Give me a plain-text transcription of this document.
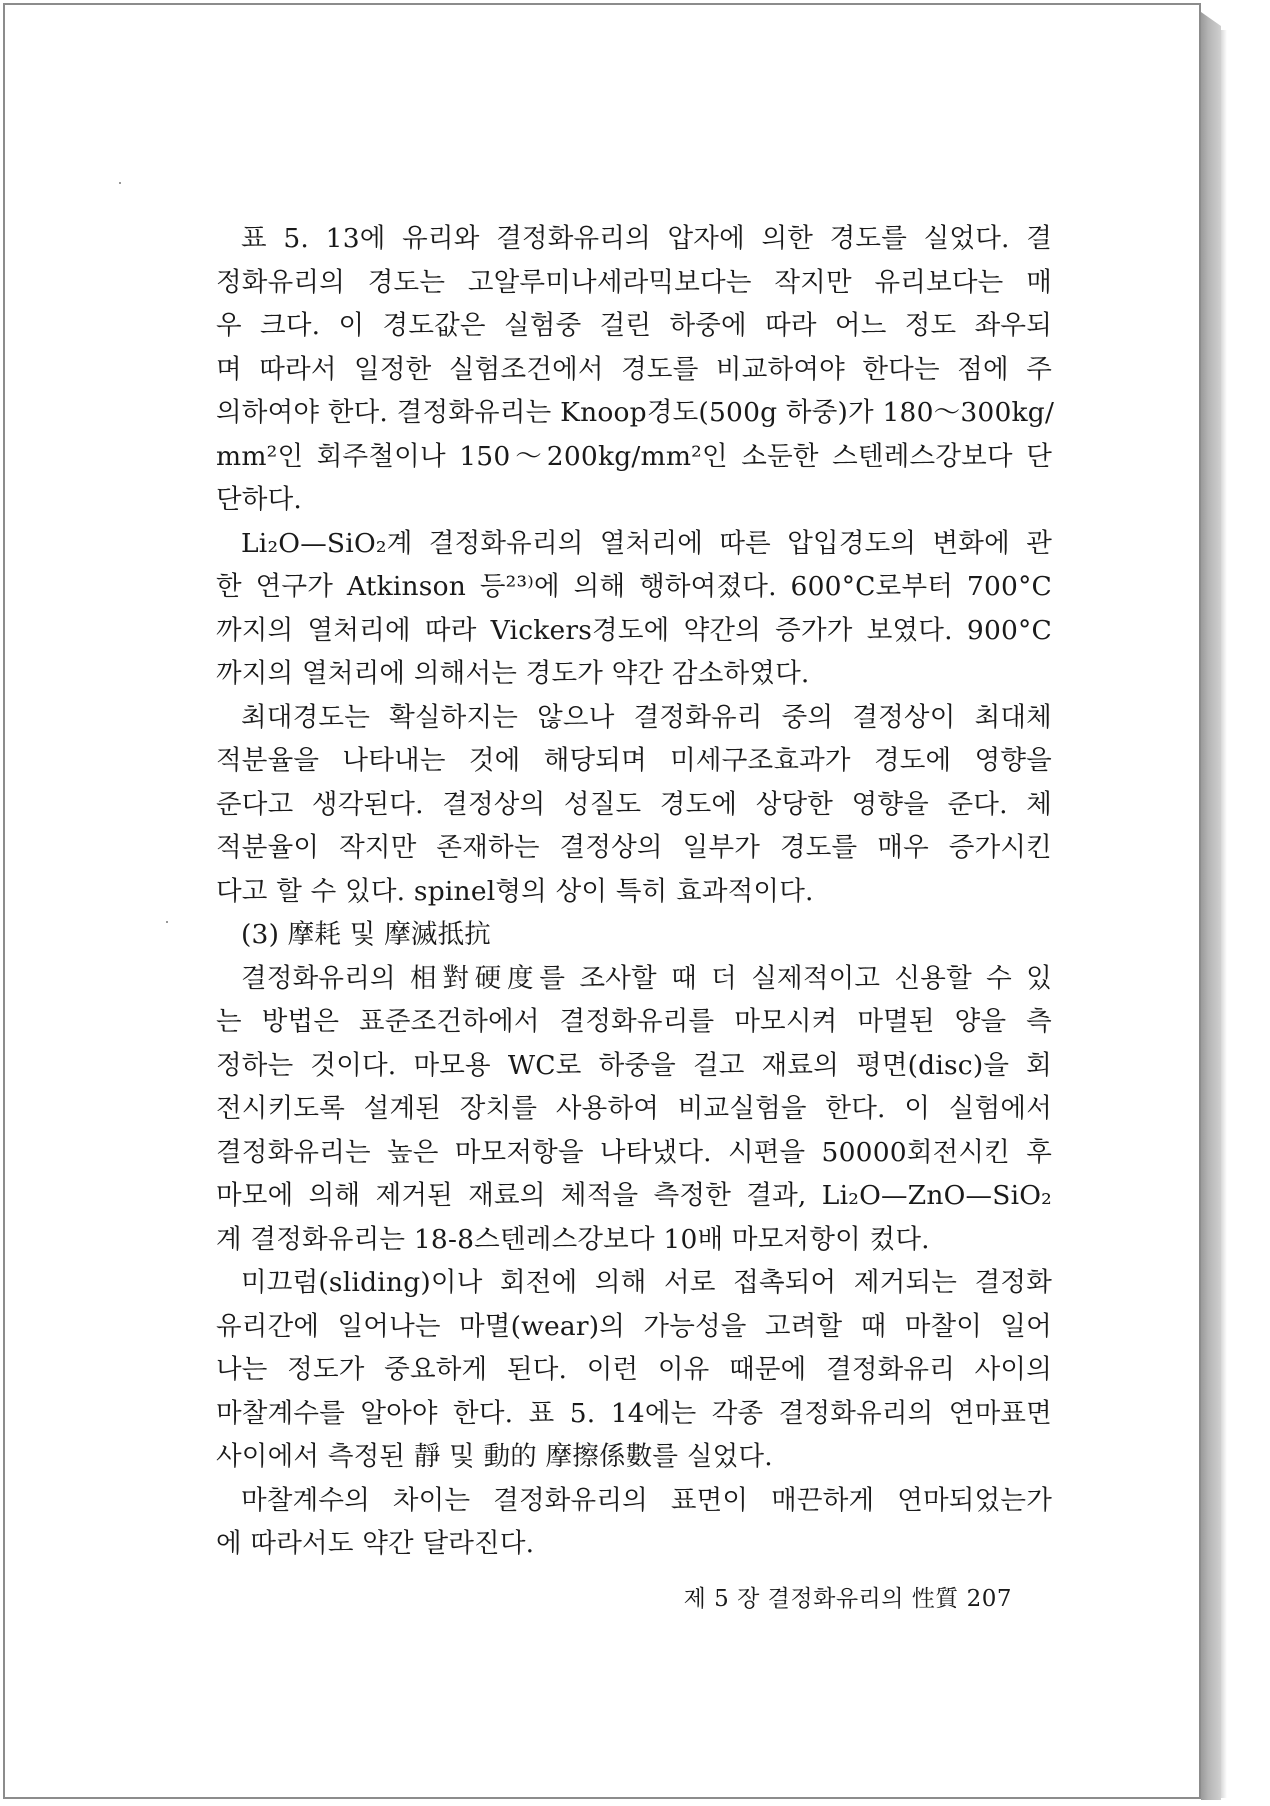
표 5. 13에 유리와 결정화유리의 압자에 의한 경도를 실었다. 결
정화유리의 경도는 고알루미나세라믹보다는 작지만 유리보다는 매
우 크다. 이 경도값은 실험중 걸린 하중에 따라 어느 정도 좌우되
며 따라서 일정한 실험조건에서 경도를 비교하여야 한다는 점에 주
의하여야 한다. 결정화유리는 Knoop경도(500g 하중)가 180～300kg/
mm²인 회주철이나 150～200kg/mm²인 소둔한 스텐레스강보다 단
단하다.
Li₂O—SiO₂계 결정화유리의 열처리에 따른 압입경도의 변화에 관
한 연구가 Atkinson 등²³⁾에 의해 행하여졌다. 600°C로부터 700°C
까지의 열처리에 따라 Vickers경도에 약간의 증가가 보였다. 900°C
까지의 열처리에 의해서는 경도가 약간 감소하였다.
최대경도는 확실하지는 않으나 결정화유리 중의 결정상이 최대체
적분율을 나타내는 것에 해당되며 미세구조효과가 경도에 영향을
준다고 생각된다. 결정상의 성질도 경도에 상당한 영향을 준다. 체
적분율이 작지만 존재하는 결정상의 일부가 경도를 매우 증가시킨
다고 할 수 있다. spinel형의 상이 특히 효과적이다.
(3) 摩耗 및 摩滅抵抗
결정화유리의 相對硬度를 조사할 때 더 실제적이고 신용할 수 있
는 방법은 표준조건하에서 결정화유리를 마모시켜 마멸된 양을 측
정하는 것이다. 마모용 WC로 하중을 걸고 재료의 평면(disc)을 회
전시키도록 설계된 장치를 사용하여 비교실험을 한다. 이 실험에서
결정화유리는 높은 마모저항을 나타냈다. 시편을 50000회전시킨 후
마모에 의해 제거된 재료의 체적을 측정한 결과, Li₂O—ZnO—SiO₂
계 결정화유리는 18-8스텐레스강보다 10배 마모저항이 컸다.
미끄럼(sliding)이나 회전에 의해 서로 접촉되어 제거되는 결정화
유리간에 일어나는 마멸(wear)의 가능성을 고려할 때 마찰이 일어
나는 정도가 중요하게 된다. 이런 이유 때문에 결정화유리 사이의
마찰계수를 알아야 한다. 표 5. 14에는 각종 결정화유리의 연마표면
사이에서 측정된 靜 및 動的 摩擦係數를 실었다.
마찰계수의 차이는 결정화유리의 표면이 매끈하게 연마되었는가
에 따라서도 약간 달라진다.
제 5 장 결정화유리의 性質 207
